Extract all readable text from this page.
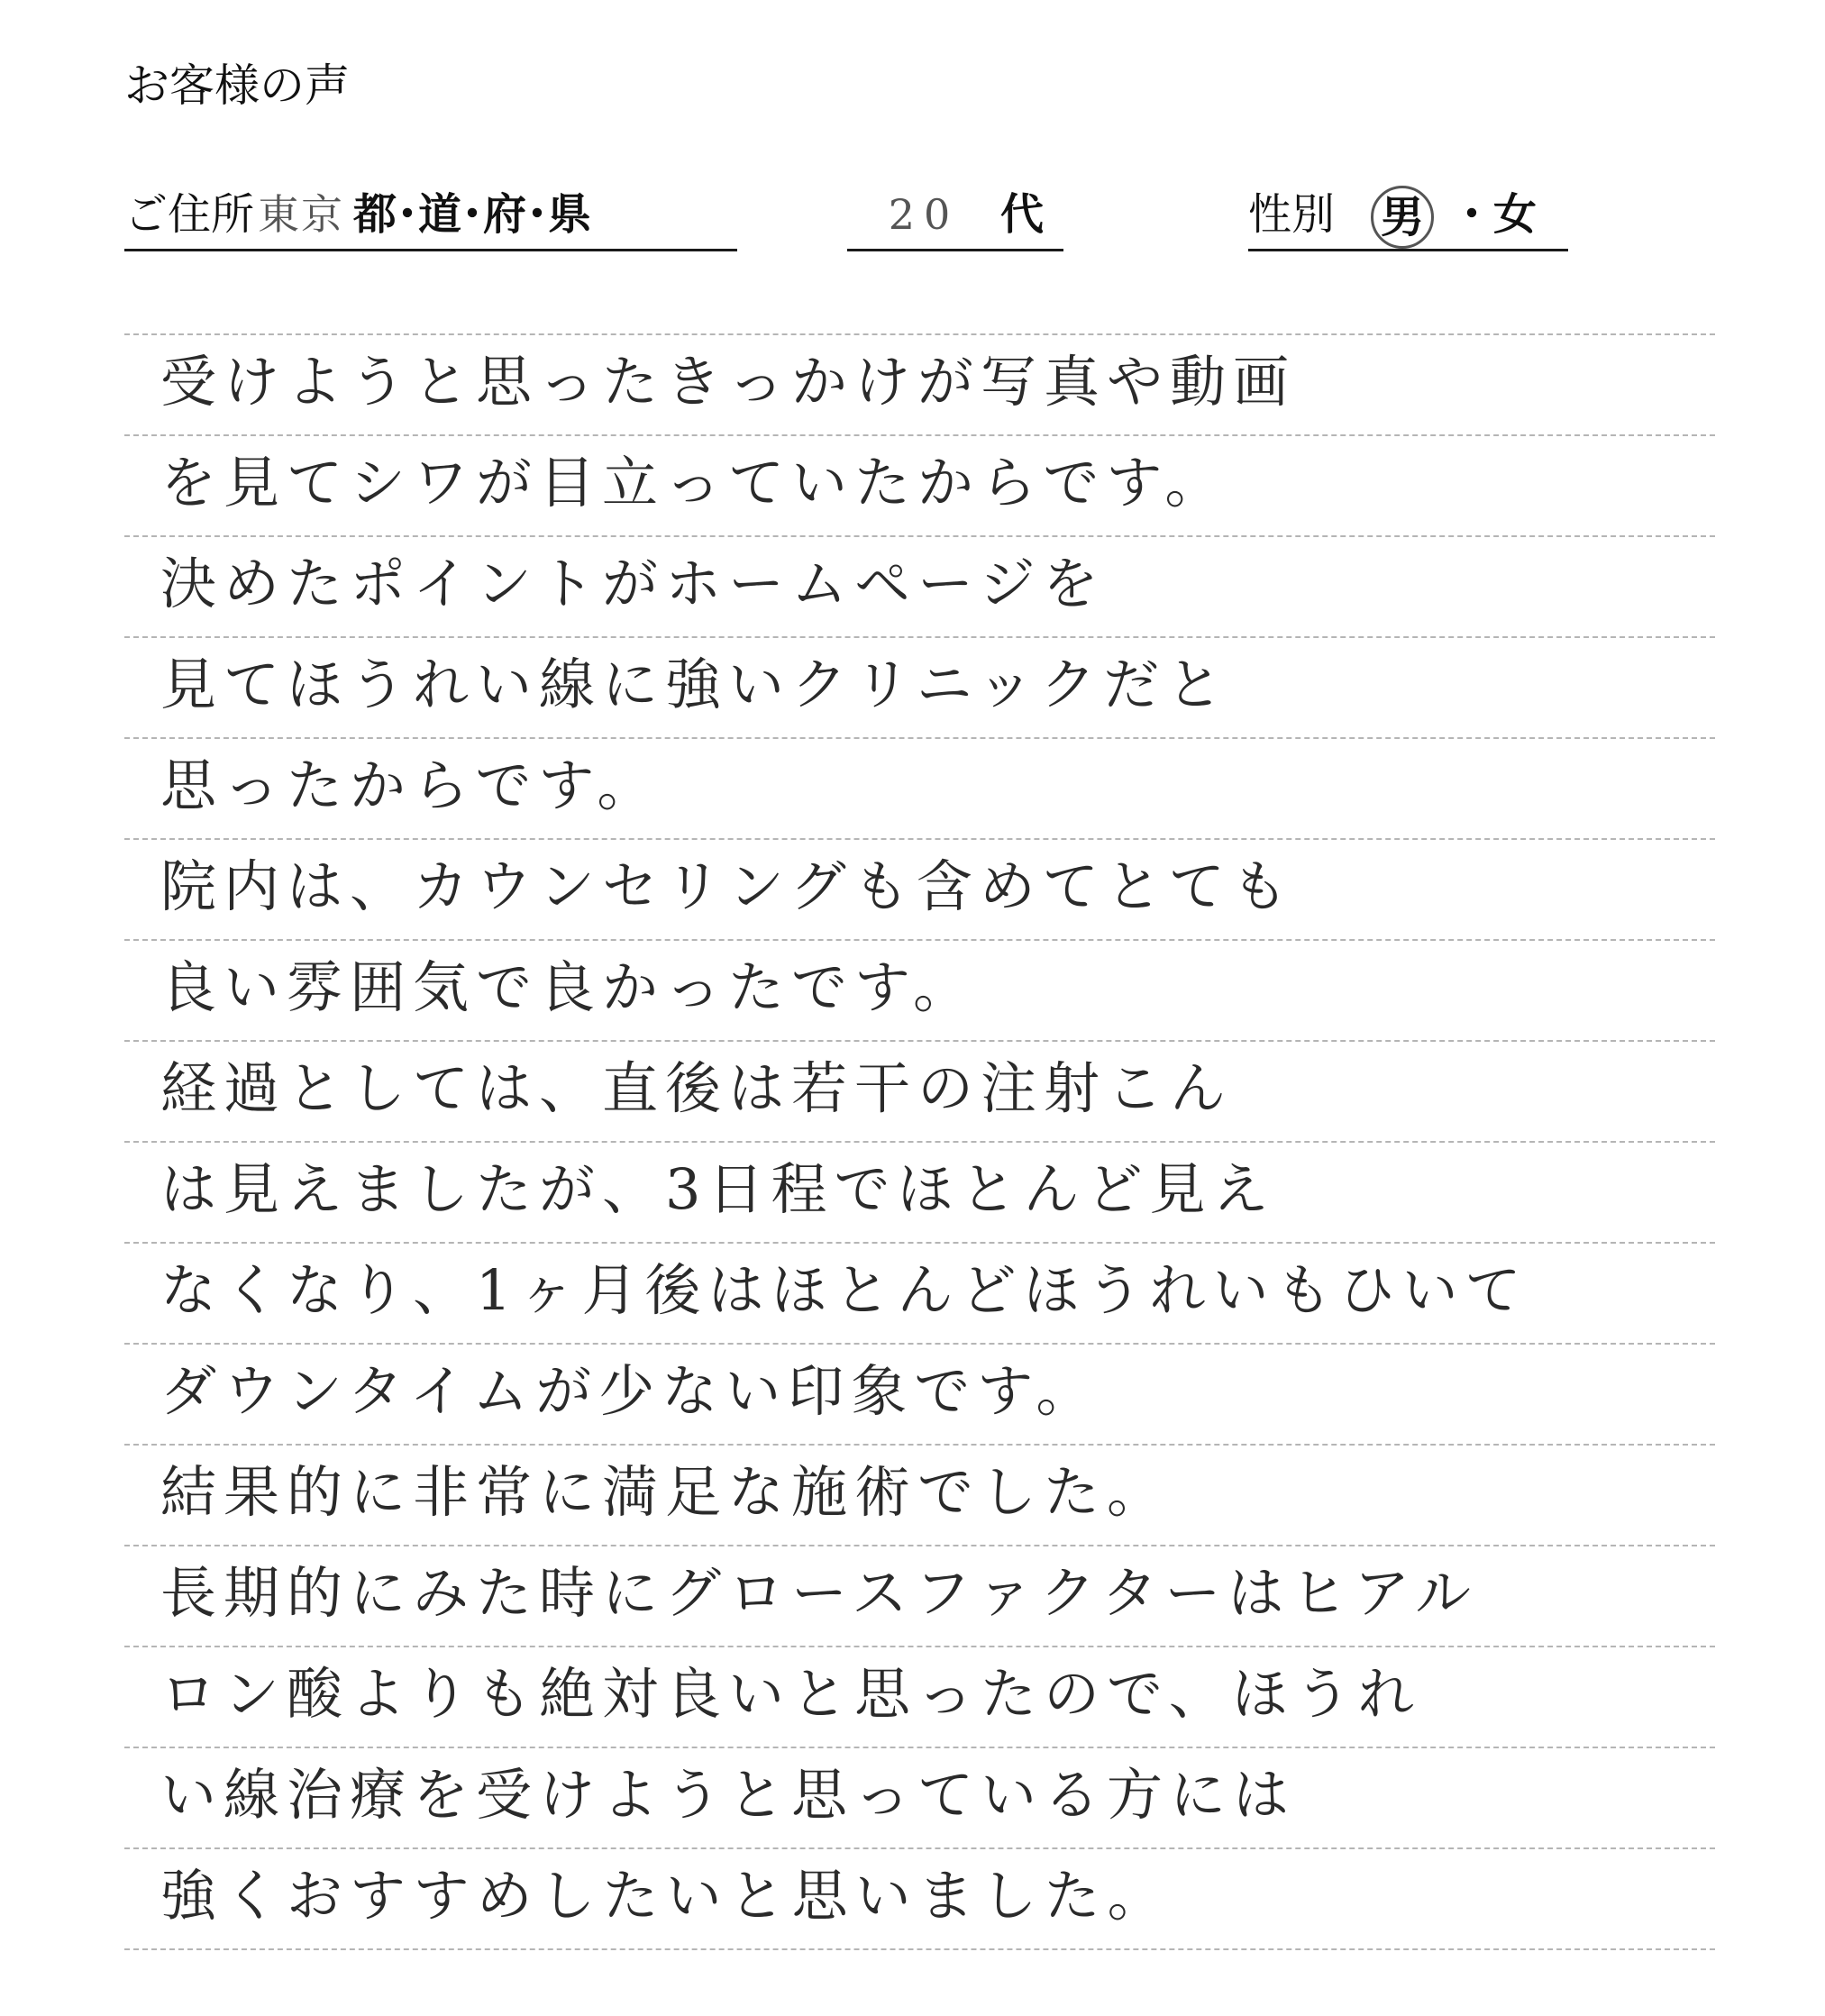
お客様の声
ご住所東京 都･道･府･県	20 代	性別 男 ・女
受けようと思ったきっかけが写真や動画
を見てシワが目立っていたからです。
決めたポイントがホームページを
見てほうれい線に強いクリニックだと
思ったからです。
院内は、カウンセリングも含めてとても
良い雰囲気で良かったです。
経過としては、直後は若干の注射こん
は見えましたが、3日程でほとんど見え
なくなり、1ヶ月後はほとんどほうれいもひいて
ダウンタイムが少ない印象です。
結果的に非常に満足な施術でした。
長期的にみた時にグロースファクターはヒアル
ロン酸よりも絶対良いと思ったので、ほうれ
い線治療を受けようと思っている方には
強くおすすめしたいと思いました。
